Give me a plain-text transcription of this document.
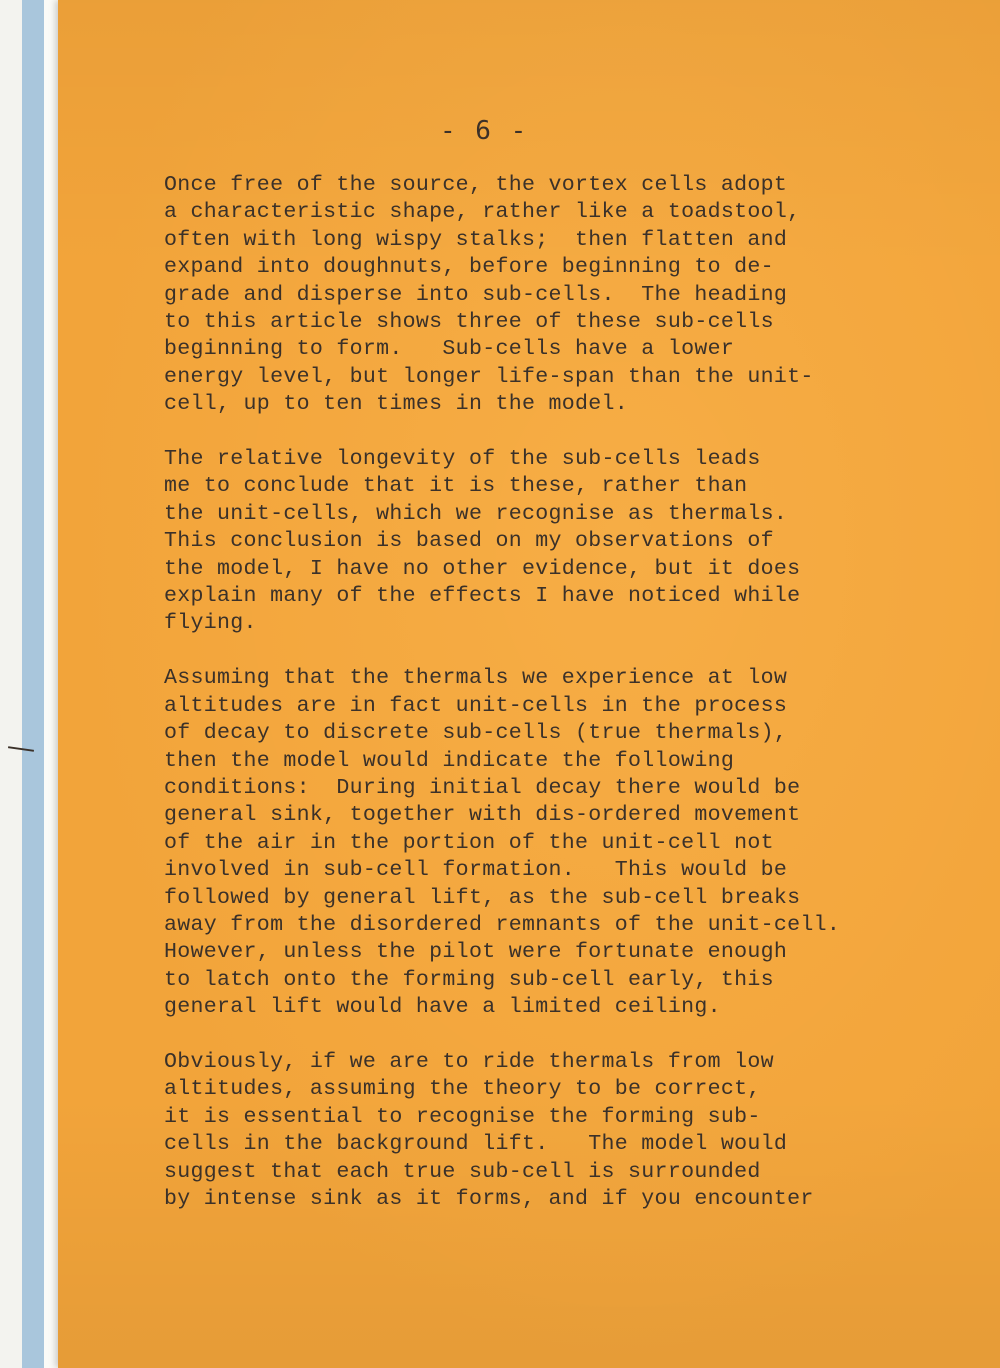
- 6 -
Once free of the source, the vortex cells adopt
a characteristic shape, rather like a toadstool,
often with long wispy stalks;  then flatten and
expand into doughnuts, before beginning to de-
grade and disperse into sub-cells.  The heading
to this article shows three of these sub-cells
beginning to form.   Sub-cells have a lower
energy level, but longer life-span than the unit-
cell, up to ten times in the model.
The relative longevity of the sub-cells leads
me to conclude that it is these, rather than
the unit-cells, which we recognise as thermals.
This conclusion is based on my observations of
the model, I have no other evidence, but it does
explain many of the effects I have noticed while
flying.
Assuming that the thermals we experience at low
altitudes are in fact unit-cells in the process
of decay to discrete sub-cells (true thermals),
then the model would indicate the following
conditions:  During initial decay there would be
general sink, together with dis-ordered movement
of the air in the portion of the unit-cell not
involved in sub-cell formation.   This would be
followed by general lift, as the sub-cell breaks
away from the disordered remnants of the unit-cell.
However, unless the pilot were fortunate enough
to latch onto the forming sub-cell early, this
general lift would have a limited ceiling.
Obviously, if we are to ride thermals from low
altitudes, assuming the theory to be correct,
it is essential to recognise the forming sub-
cells in the background lift.   The model would
suggest that each true sub-cell is surrounded
by intense sink as it forms, and if you encounter
